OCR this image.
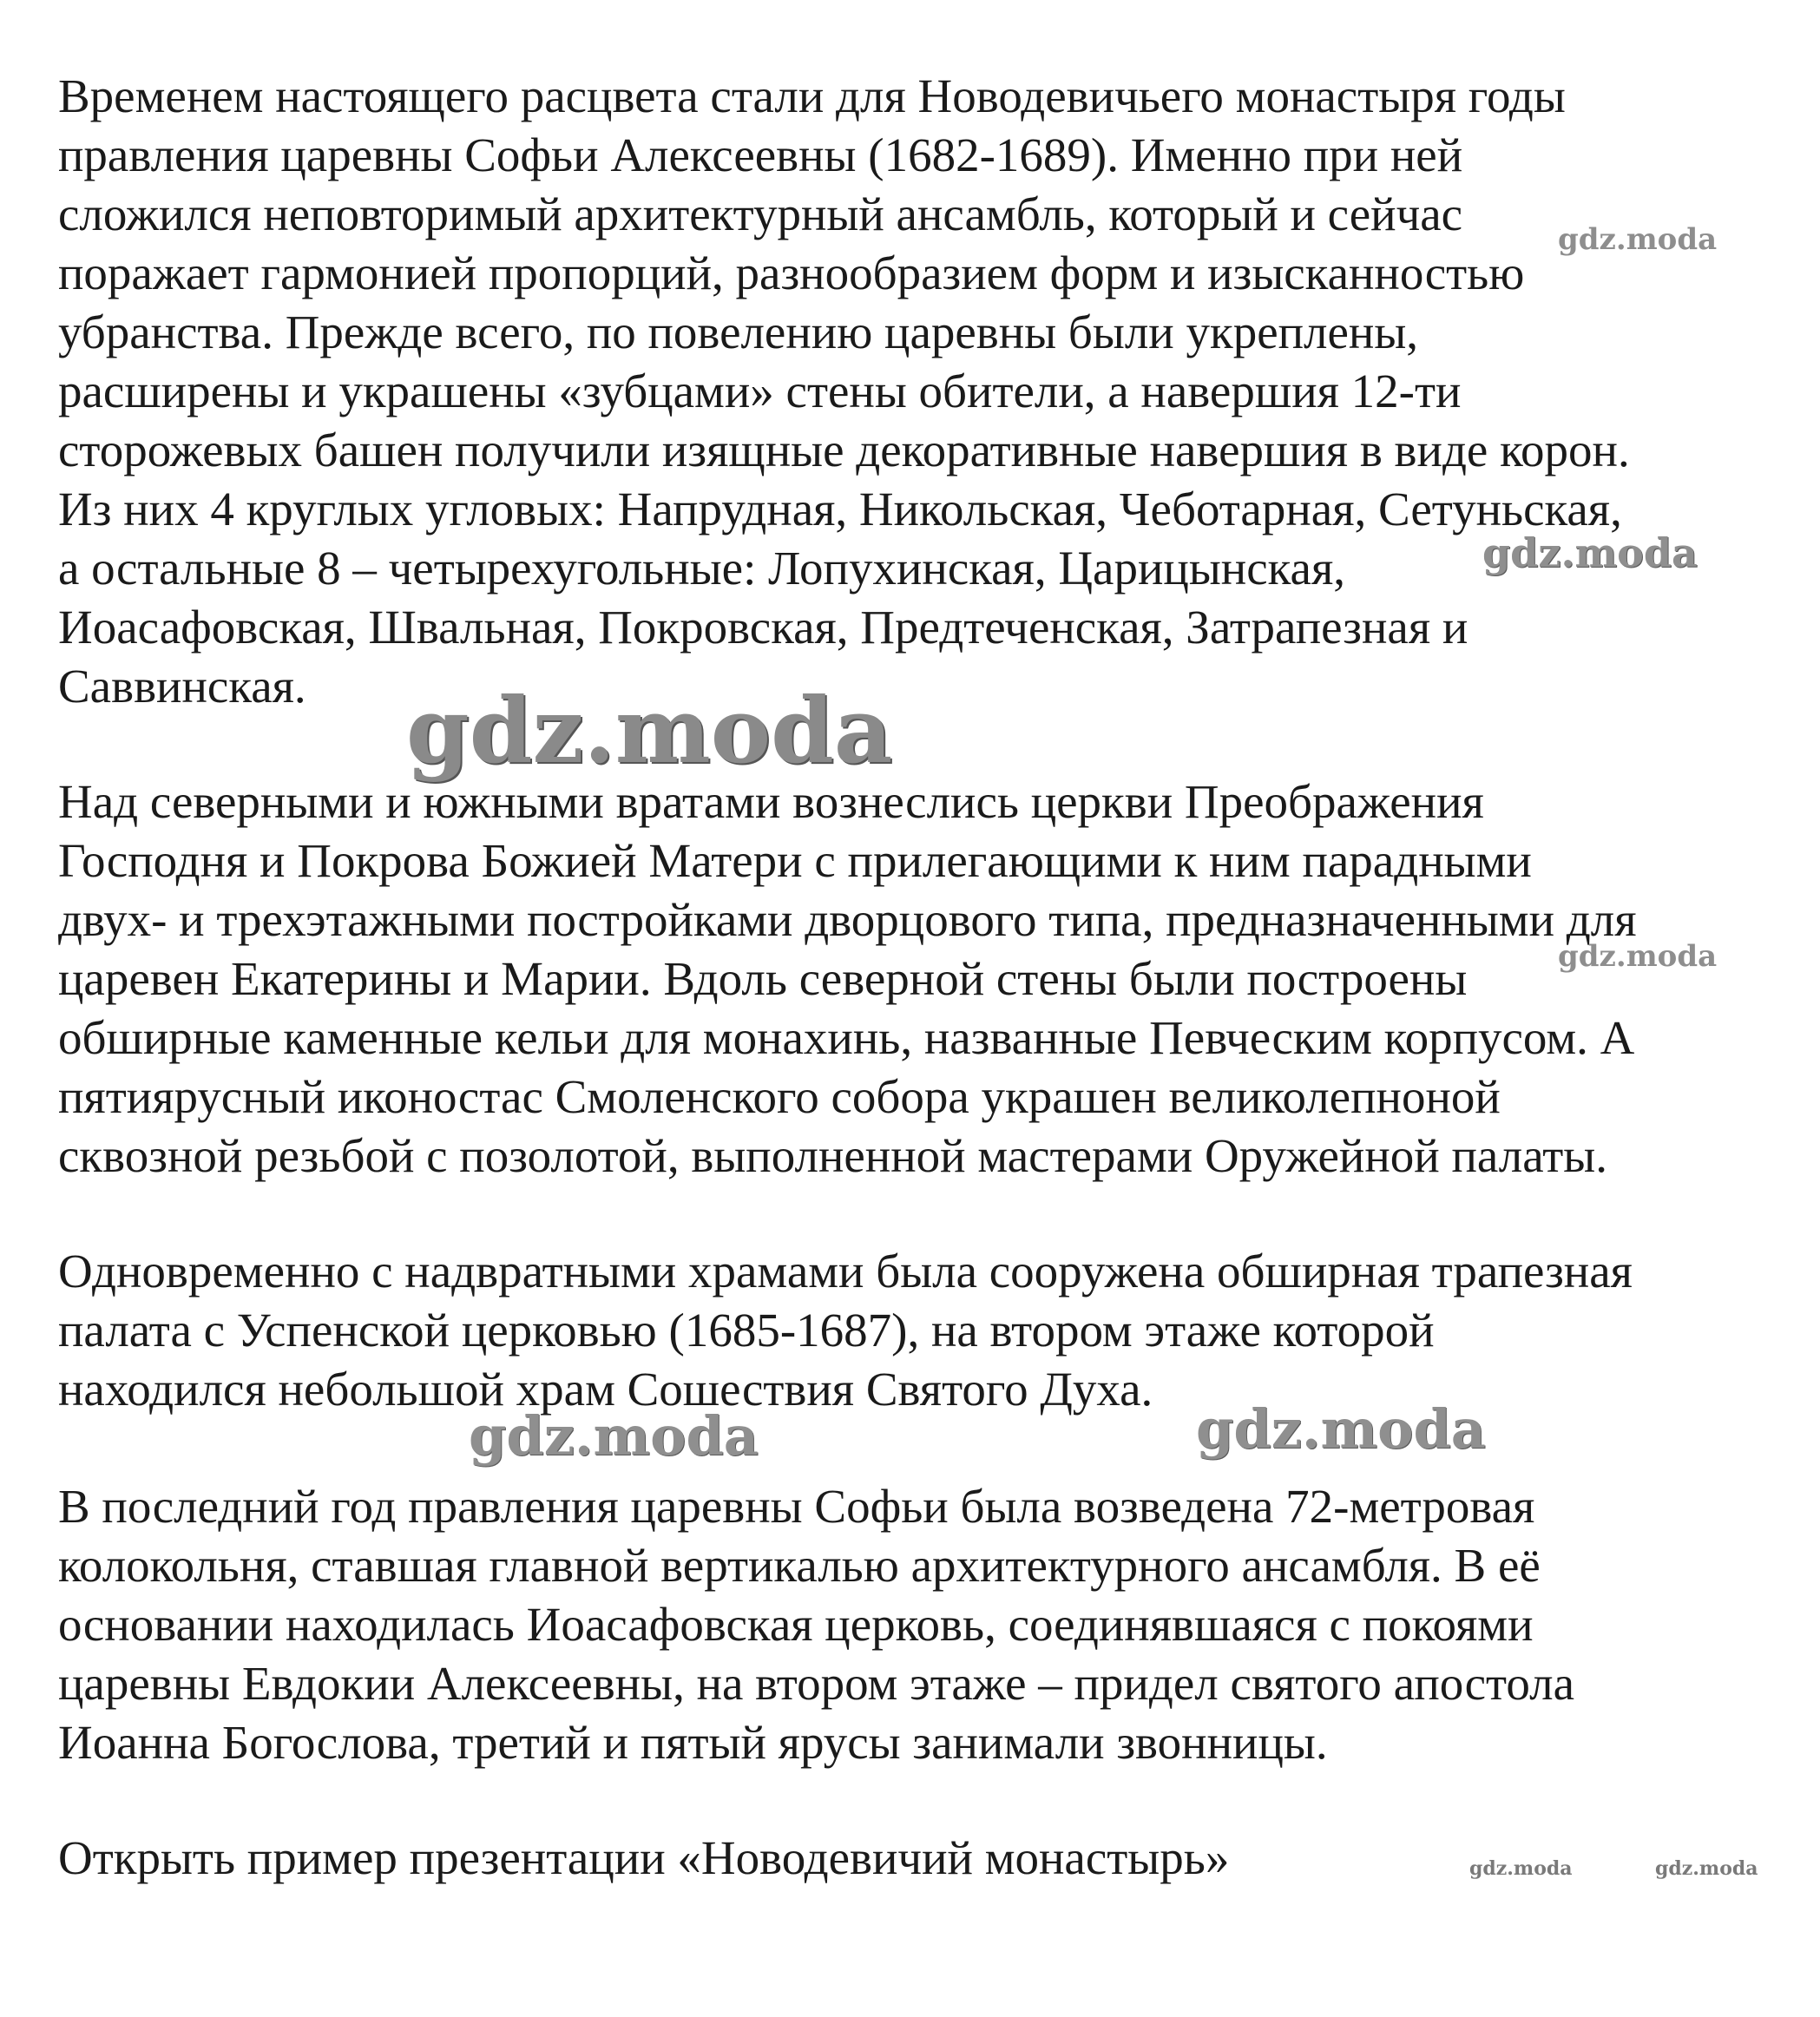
Временем настоящего расцвета стали для Новодевичьего монастыря годы
правления царевны Софьи Алексеевны (1682-1689). Именно при ней
сложился неповторимый архитектурный ансамбль, который и сейчас
поражает гармонией пропорций, разнообразием форм и изысканностью
убранства. Прежде всего, по повелению царевны были укреплены,
расширены и украшены «зубцами» стены обители, а навершия 12-ти
сторожевых башен получили изящные декоративные навершия в виде корон.
Из них 4 круглых угловых: Напрудная, Никольская, Чеботарная, Сетуньская,
а остальные 8 – четырехугольные: Лопухинская, Царицынская,
Иоасафовская, Швальная, Покровская, Предтеченская, Затрапезная и
Саввинская.
Над северными и южными вратами вознеслись церкви Преображения
Господня и Покрова Божией Матери с прилегающими к ним парадными
двух- и трехэтажными постройками дворцового типа, предназначенными для
царевен Екатерины и Марии. Вдоль северной стены были построены
обширные каменные кельи для монахинь, названные Певческим корпусом. А
пятиярусный иконостас Смоленского собора украшен великолепноной
сквозной резьбой с позолотой, выполненной мастерами Оружейной палаты.
Одновременно с надвратными храмами была сооружена обширная трапезная
палата с Успенской церковью (1685-1687), на втором этаже которой
находился небольшой храм Сошествия Святого Духа.
В последний год правления царевны Софьи была возведена 72-метровая
колокольня, ставшая главной вертикалью архитектурного ансамбля. В её
основании находилась Иоасафовская церковь, соединявшаяся с покоями
царевны Евдокии Алексеевны, на втором этаже – придел святого апостола
Иоанна Богослова, третий и пятый ярусы занимали звонницы.
Открыть пример презентации «Новодевичий монастырь»
gdz.moda
gdz.moda
gdz.moda
gdz.moda
gdz.moda	gdz.moda
gdz.moda	gdz.moda
